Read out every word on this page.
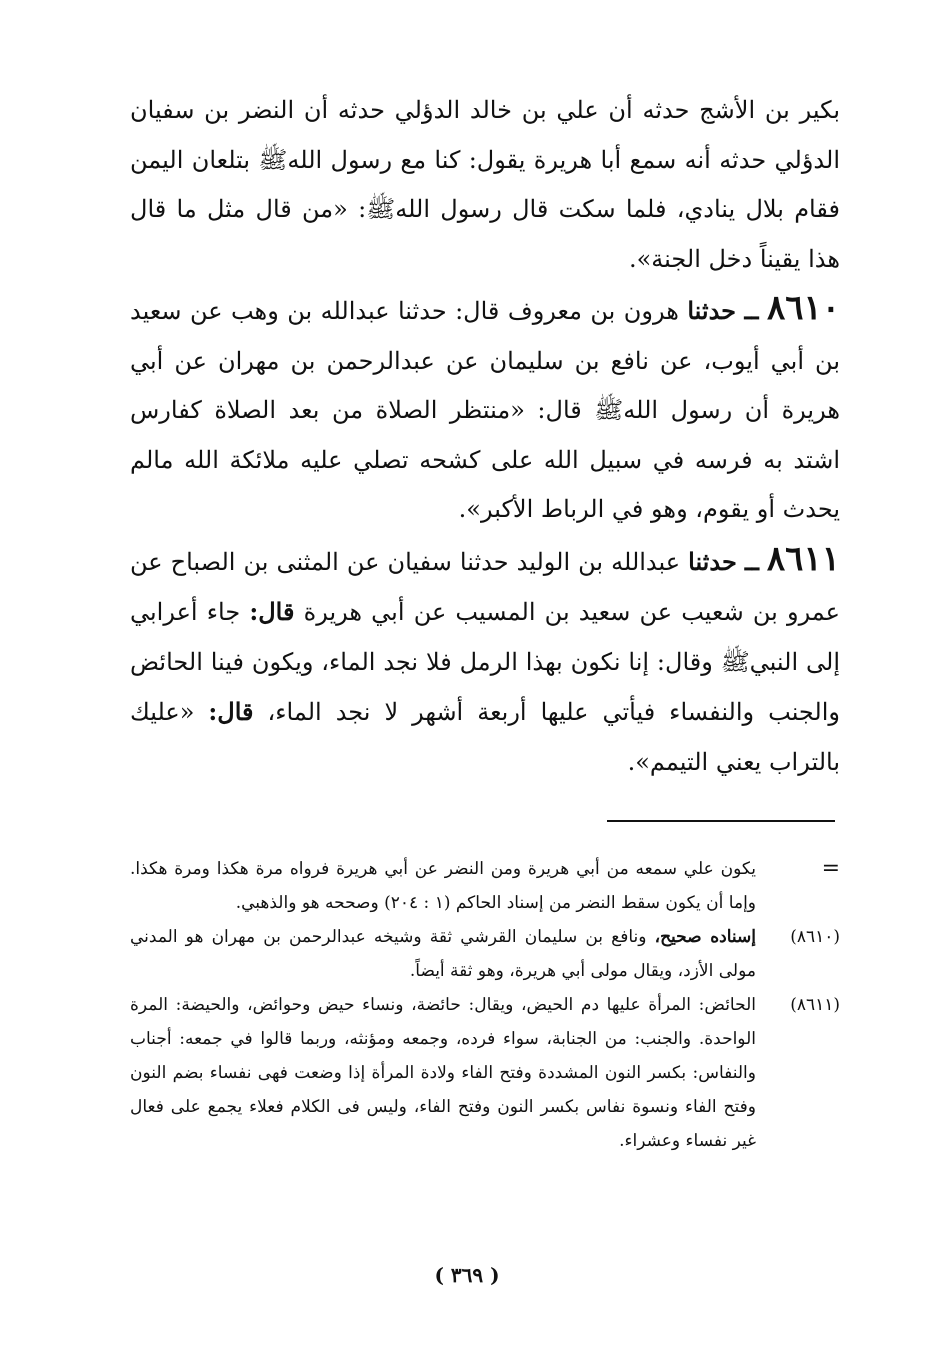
بكير بن الأشج حدثه أن علي بن خالد الدؤلي حدثه أن النضر بن سفيان الدؤلي حدثه أنه سمع أبا هريرة يقول: كنا مع رسول اللهﷺ بتلعان اليمن فقام بلال ينادي، فلما سكت قال رسول اللهﷺ: «من قال مثل ما قال هذا يقيناً دخل الجنة».

٨٦١٠ ــ حدثنا هرون بن معروف قال: حدثنا عبدالله بن وهب عن سعيد بن أبي أيوب، عن نافع بن سليمان عن عبدالرحمن بن مهران عن أبي هريرة أن رسول اللهﷺ قال: «منتظر الصلاة من بعد الصلاة كفارس اشتد به فرسه في سبيل الله على كشحه تصلي عليه ملائكة الله مالم يحدث أو يقوم، وهو في الرباط الأكبر».

٨٦١١ ــ حدثنا عبدالله بن الوليد حدثنا سفيان عن المثنى بن الصباح عن عمرو بن شعيب عن سعيد بن المسيب عن أبي هريرة قال: جاء أعرابي إلى النبيﷺ وقال: إنا نكون بهذا الرمل فلا نجد الماء، ويكون فينا الحائض والجنب والنفساء فيأتي عليها أربعة أشهر لا نجد الماء، قال: «عليك بالتراب يعني التيمم».

=
يكون علي سمعه من أبي هريرة ومن النضر عن أبي هريرة فرواه مرة هكذا ومرة هكذا. وإما أن يكون سقط النضر من إسناد الحاكم (١ : ٢٠٤) وصححه هو والذهبي.

(٨٦١٠)
إسناده صحيح، ونافع بن سليمان القرشي ثقة وشيخه عبدالرحمن بن مهران هو المدني مولى الأزد، ويقال مولى أبي هريرة، وهو ثقة أيضاً.

(٨٦١١)
الحائض: المرأة عليها دم الحيض، ويقال: حائضة، ونساء حيض وحوائض، والحيضة: المرة الواحدة. والجنب: من الجنابة، سواء فرده، وجمعه ومؤنثه، وربما قالوا في جمعه: أجناب والنفاس: بكسر النون المشددة وفتح الفاء ولادة المرأة إذا وضعت فهى نفساء بضم النون وفتح الفاء ونسوة نفاس بكسر النون وفتح الفاء، وليس فى الكلام فعلاء يجمع على فعال غير نفساء وعشراء.

( ٣٦٩ )
